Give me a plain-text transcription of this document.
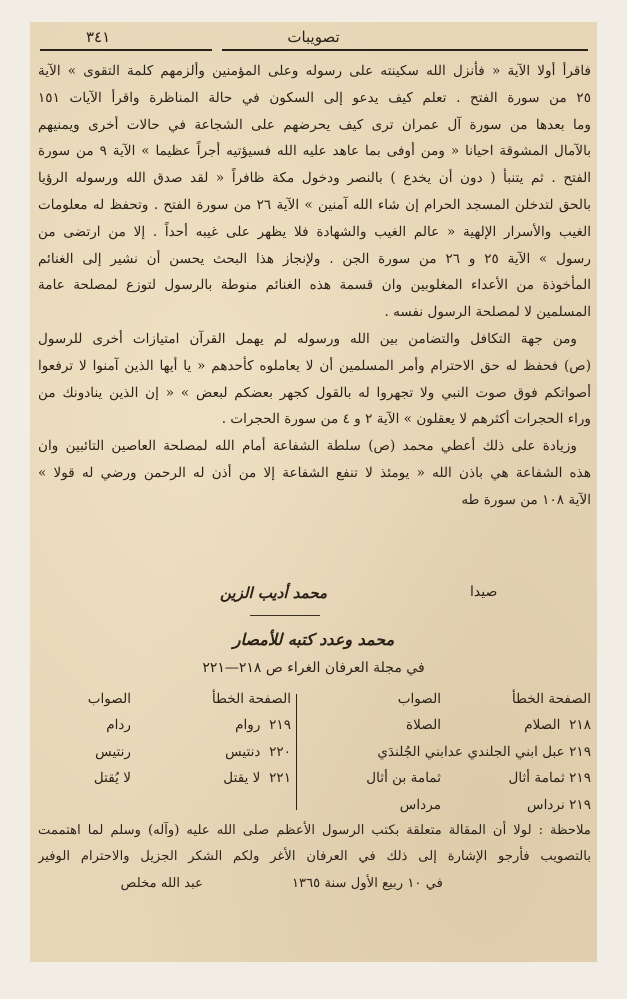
تصويبات
٣٤١
فاقرأ أولا الآية « فأنزل الله سكينته على رسوله وعلى المؤمنين وألزمهم كلمة التقوى » الآية
٢٥ من سورة الفتح . تعلم كيف يدعو إلى السكون في حالة المناظرة واقرأ الآيات ١٥١
وما بعدها من سورة آل عمران ترى كيف يحرضهم على الشجاعة في حالات أخرى ويمنيهم
بالآمال المشوقة احيانا « ومن أوفى بما عاهد عليه الله فسيؤتيه أجراً عظيما » الآية ٩ من سورة
الفتح . ثم يتنبأ ( دون أن يخدع ) بالنصر ودخول مكة ظافراً « لقد صدق الله ورسوله الرؤيا
بالحق لتدخلن المسجد الحرام إن شاء الله آمنين » الآية ٢٦ من سورة الفتح . وتحفظ له معلومات
الغيب والأسرار الإلهية « عالم الغيب والشهادة فلا يظهر على غيبه أحداً . إلا من ارتضى من
رسول » الآية ٢٥ و ٢٦ من سورة الجن . ولإنجاز هذا البحث يحسن أن نشير إلى الغنائم
المأخوذة من الأعداء المغلوبين وان قسمة هذه الغنائم منوطة بالرسول لتوزع لمصلحة عامة
المسلمين لا لمصلحة الرسول نفسه .
ومن جهة التكافل والتضامن بين الله ورسوله لم يهمل القرآن امتيازات أخرى للرسول
(ص) فحفظ له حق الاحترام وأمر المسلمين أن لا يعاملوه كأحدهم « يا أيها الذين آمنوا لا ترفعوا
أصواتكم فوق صوت النبي ولا تجهروا له بالقول كجهر بعضكم لبعض » « إن الذين ينادونك من
وراء الحجرات أكثرهم لا يعقلون » الآية ٢ و ٤ من سورة الحجرات .
وزيادة على ذلك أعطي محمد (ص) سلطة الشفاعة أمام الله لمصلحة العاصين التائبين وان
هذه الشفاعة هي باذن الله « يومئذ لا تنفع الشفاعة إلا من أذن له الرحمن ورضي له قولا »
الآية ١٠٨ من سورة طه
محمد أديب الزين	صيدا
محمد وعدد كتبه للأمصار
في مجلة العرفان الغراء ص ٢١٨—٢٢١
الصفحة الخطأ
الصواب
الصفحة الخطأ
الصواب
٢١٨  الصلام
الصلاة
٢١٩  روام
ردام
٢١٩ عبل ابني الجلندي
عدابني الجُلندَي
٢٢٠  دنتيس
رنتيس
٢١٩ ثمامة أثال
ثمامة بن أثال
٢٢١  لا يقتل
لا يُقتل
٢١٩ نرداس
مرداس
ملاحظة : لولا أن المقالة متعلقة بكتب الرسول الأعظم صلى الله عليه (وآله) وسلم لما اهتممت
بالتصويب فأرجو الإشارة إلى ذلك في العرفان الأغر ولكم الشكر الجزيل والاحترام الوفير
في ١٠ ربيع الأول سنة ١٣٦٥
عبد الله مخلص
